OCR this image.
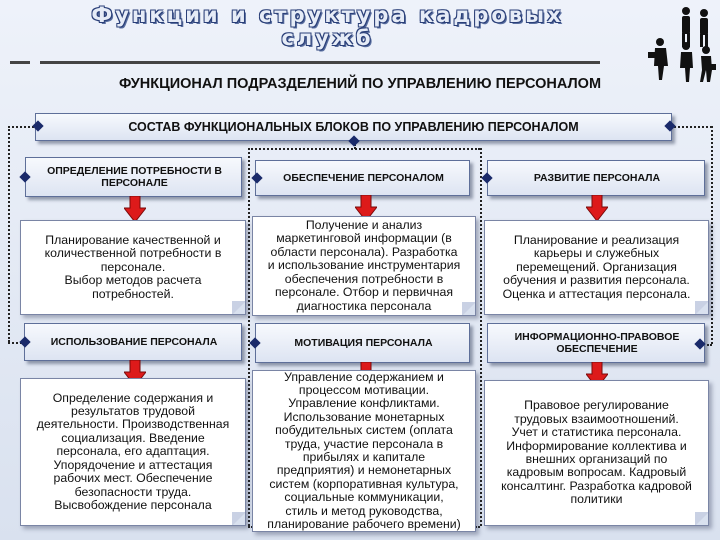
Функции и структура кадровых
служб
ФУНКЦИОНАЛ ПОДРАЗДЕЛЕНИЙ ПО УПРАВЛЕНИЮ ПЕРСОНАЛОМ
СОСТАВ ФУНКЦИОНАЛЬНЫХ БЛОКОВ ПО УПРАВЛЕНИЮ ПЕРСОНАЛОМ
ОПРЕДЕЛЕНИЕ ПОТРЕБНОСТИ В ПЕРСОНАЛЕ	ОБЕСПЕЧЕНИЕ ПЕРСОНАЛОМ	РАЗВИТИЕ ПЕРСОНАЛА
Планирование качественной и
количественной потребности в
персонале.
Выбор методов расчета
потребностей.
Получение и анализ
маркетинговой информации (в
области персонала). Разработка
и использование инструментария
обеспечения потребности в
персонале. Отбор и первичная
диагностика персонала
Планирование и реализация
карьеры и служебных
перемещений. Организация
обучения и развития персонала.
Оценка и аттестация персонала.
ИСПОЛЬЗОВАНИЕ ПЕРСОНАЛА	МОТИВАЦИЯ ПЕРСОНАЛА	ИНФОРМАЦИОННО-ПРАВОВОЕ ОБЕСПЕЧЕНИЕ
Определение содержания и
результатов трудовой
деятельности. Производственная
социализация. Введение
персонала, его адаптация.
Упорядочение и аттестация
рабочих мест. Обеспечение
безопасности труда.
Высвобождение персонала
Управление содержанием и
процессом мотивации.
Управление конфликтами.
Использование монетарных
побудительных систем (оплата
труда, участие персонала в
прибылях и капитале
предприятия) и немонетарных
систем (корпоративная культура,
социальные коммуникации,
стиль и метод руководства,
планирование рабочего времени)
Правовое регулирование
трудовых взаимоотношений.
Учет и статистика персонала.
Информирование коллектива и
внешних организаций по
кадровым вопросам. Кадровый
консалтинг. Разработка кадровой
политики
